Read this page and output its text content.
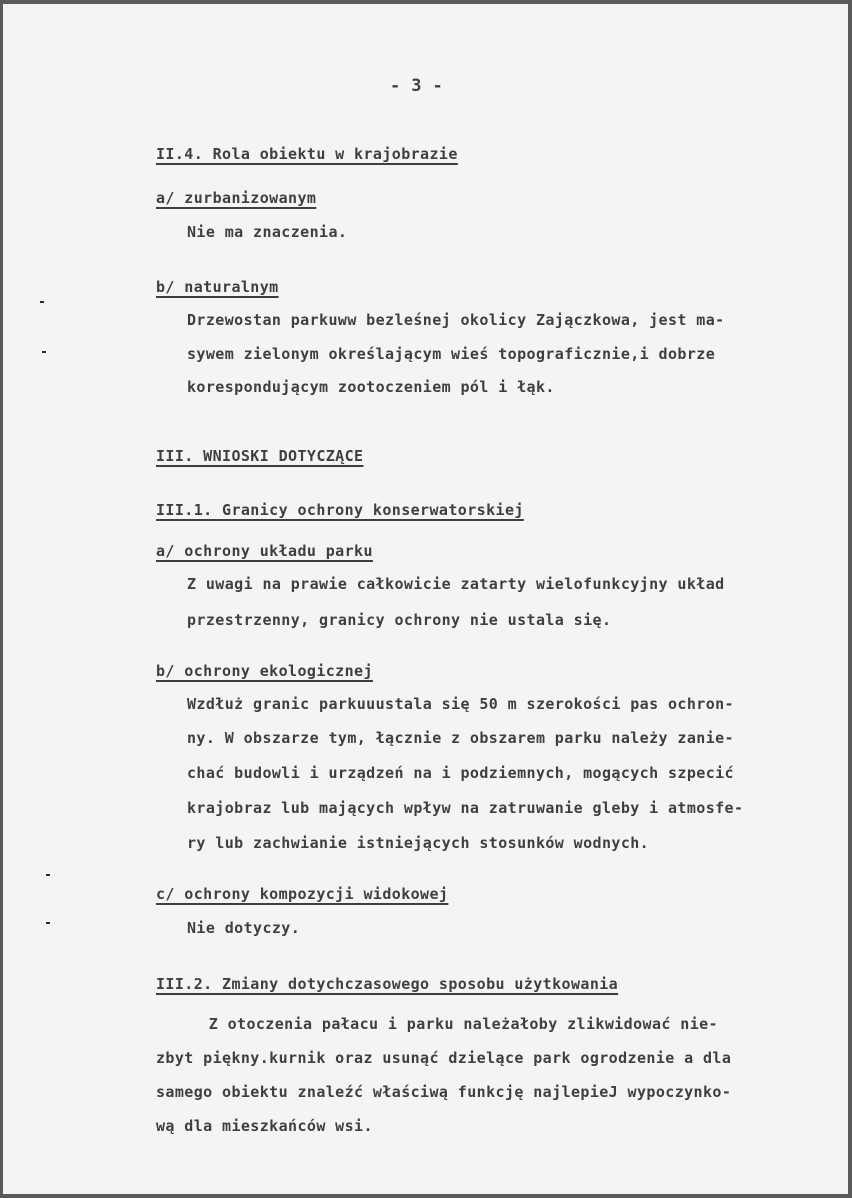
- 3 -
II.4. Rola obiektu w krajobrazie
a/ zurbanizowanym
Nie ma znaczenia.
b/ naturalnym
Drzewostan parkuww bezleśnej okolicy Zajączkowa, jest ma-
sywem zielonym określającym wieś topograficznie,i dobrze
korespondującym zootoczeniem pól i łąk.
III. WNIOSKI DOTYCZĄCE
III.1. Granicy ochrony konserwatorskiej
a/ ochrony układu parku
Z uwagi na prawie całkowicie zatarty wielofunkcyjny układ
przestrzenny, granicy ochrony nie ustala się.
b/ ochrony ekologicznej
Wzdłuż granic parkuuustala się 50 m szerokości pas ochron-
ny. W obszarze tym, łącznie z obszarem parku należy zanie-
chać budowli i urządzeń na i podziemnych, mogących szpecić
krajobraz lub mających wpływ na zatruwanie gleby i atmosfe-
ry lub zachwianie istniejących stosunków wodnych.
c/ ochrony kompozycji widokowej
Nie dotyczy.
III.2. Zmiany dotychczasowego sposobu użytkowania
Z otoczenia pałacu i parku należałoby zlikwidować nie-
zbyt piękny.kurnik oraz usunąć dzielące park ogrodzenie a dla
samego obiektu znaleźć właściwą funkcję najlepieJ wypoczynko-
wą dla mieszkańców wsi.
